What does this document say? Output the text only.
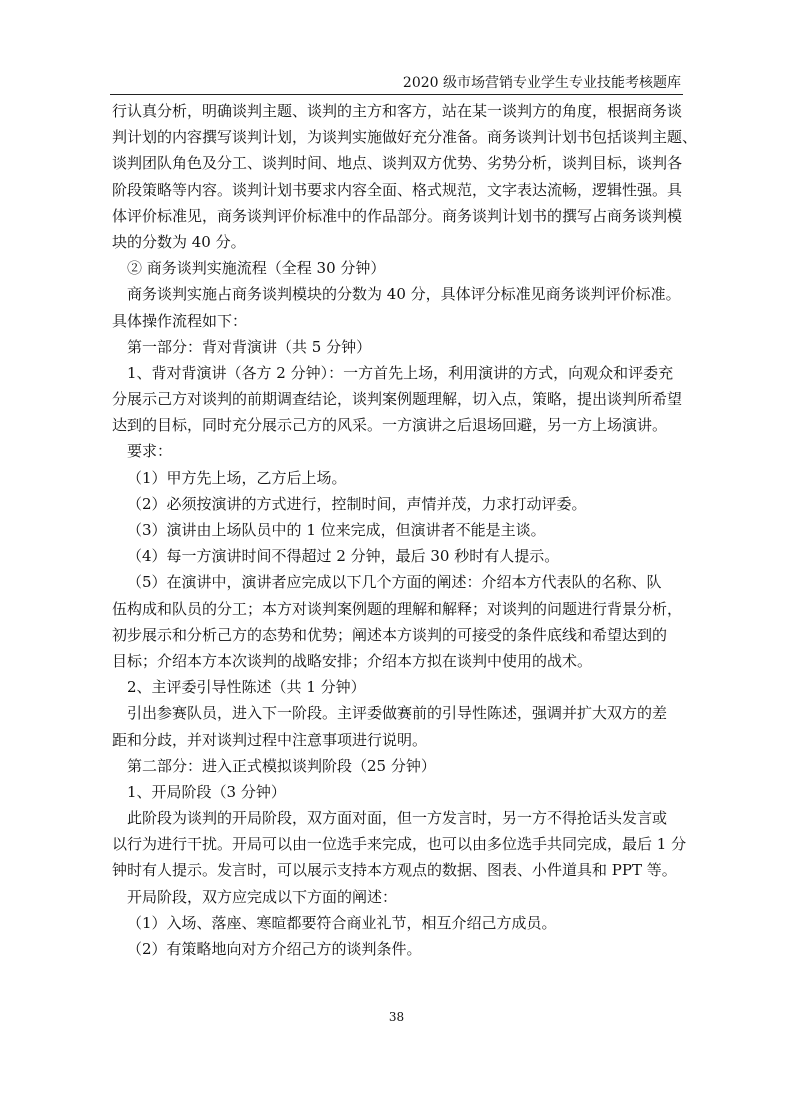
2020 级市场营销专业学生专业技能考核题库
行认真分析，明确谈判主题、谈判的主方和客方，站在某一谈判方的角度，根据商务谈
判计划的内容撰写谈判计划，为谈判实施做好充分准备。商务谈判计划书包括谈判主题、
谈判团队角色及分工、谈判时间、地点、谈判双方优势、劣势分析，谈判目标，谈判各
阶段策略等内容。谈判计划书要求内容全面、格式规范，文字表达流畅，逻辑性强。具
体评价标准见，商务谈判评价标准中的作品部分。商务谈判计划书的撰写占商务谈判模
块的分数为 40 分。
② 商务谈判实施流程（全程 30 分钟）
商务谈判实施占商务谈判模块的分数为 40 分，具体评分标准见商务谈判评价标准。
具体操作流程如下：
第一部分：背对背演讲（共 5 分钟）
1、背对背演讲（各方 2 分钟）：一方首先上场，利用演讲的方式，向观众和评委充
分展示己方对谈判的前期调查结论，谈判案例题理解，切入点，策略，提出谈判所希望
达到的目标，同时充分展示己方的风采。一方演讲之后退场回避，另一方上场演讲。
要求：
（1）甲方先上场，乙方后上场。
（2）必须按演讲的方式进行，控制时间，声情并茂，力求打动评委。
（3）演讲由上场队员中的 1 位来完成，但演讲者不能是主谈。
（4）每一方演讲时间不得超过 2 分钟，最后 30 秒时有人提示。
（5）在演讲中，演讲者应完成以下几个方面的阐述：介绍本方代表队的名称、队
伍构成和队员的分工；本方对谈判案例题的理解和解释；对谈判的问题进行背景分析，
初步展示和分析己方的态势和优势；阐述本方谈判的可接受的条件底线和希望达到的
目标；介绍本方本次谈判的战略安排；介绍本方拟在谈判中使用的战术。
2、主评委引导性陈述（共 1 分钟）
引出参赛队员，进入下一阶段。主评委做赛前的引导性陈述，强调并扩大双方的差
距和分歧，并对谈判过程中注意事项进行说明。
第二部分：进入正式模拟谈判阶段（25 分钟）
1、开局阶段（3 分钟）
此阶段为谈判的开局阶段，双方面对面，但一方发言时，另一方不得抢话头发言或
以行为进行干扰。开局可以由一位选手来完成，也可以由多位选手共同完成，最后 1 分
钟时有人提示。发言时，可以展示支持本方观点的数据、图表、小件道具和 PPT 等。
开局阶段，双方应完成以下方面的阐述：
（1）入场、落座、寒暄都要符合商业礼节，相互介绍己方成员。
（2）有策略地向对方介绍己方的谈判条件。
38
